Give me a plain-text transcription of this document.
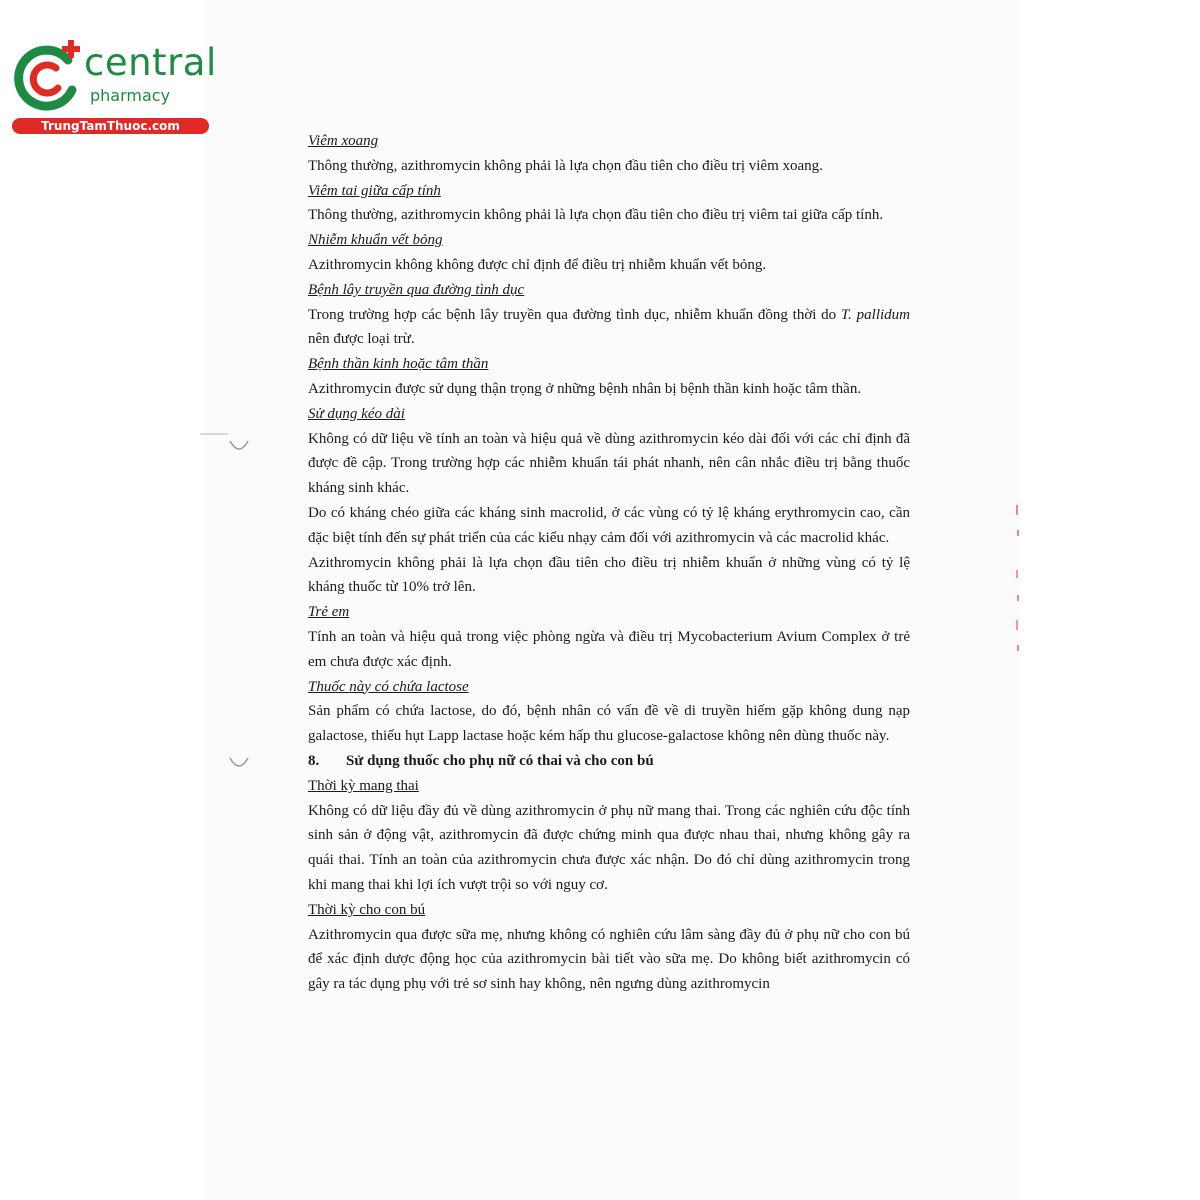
central
pharmacy
TrungTamThuoc.com

Viêm xoang

Thông thường, azithromycin không phải là lựa chọn đầu tiên cho điều trị viêm xoang.

Viêm tai giữa cấp tính

Thông thường, azithromycin không phải là lựa chọn đầu tiên cho điều trị viêm tai giữa cấp tính.

Nhiễm khuẩn vết bỏng

Azithromycin không không được chỉ định để điều trị nhiễm khuẩn vết bỏng.

Bệnh lây truyền qua đường tình dục

Trong trường hợp các bệnh lây truyền qua đường tình dục, nhiễm khuẩn đồng thời do T. pallidum nên được loại trừ.

Bệnh thần kinh hoặc tâm thần

Azithromycin được sử dụng thận trọng ở những bệnh nhân bị bệnh thần kinh hoặc tâm thần.

Sử dụng kéo dài

Không có dữ liệu về tính an toàn và hiệu quả về dùng azithromycin kéo dài đối với các chỉ định đã được đề cập. Trong trường hợp các nhiễm khuẩn tái phát nhanh, nên cân nhắc điều trị bằng thuốc kháng sinh khác.

Do có kháng chéo giữa các kháng sinh macrolid, ở các vùng có tỷ lệ kháng erythromycin cao, cần đặc biệt tính đến sự phát triển của các kiểu nhạy cảm đối với azithromycin và các macrolid khác.

Azithromycin không phải là lựa chọn đầu tiên cho điều trị nhiễm khuẩn ở những vùng có tỷ lệ kháng thuốc từ 10% trở lên.

Trẻ em

Tính an toàn và hiệu quả trong việc phòng ngừa và điều trị Mycobacterium Avium Complex ở trẻ em chưa được xác định.

Thuốc này có chứa lactose

Sản phẩm có chứa lactose, do đó, bệnh nhân có vấn đề về di truyền hiếm gặp không dung nạp galactose, thiếu hụt Lapp lactase hoặc kém hấp thu glucose-galactose không nên dùng thuốc này.

8. Sử dụng thuốc cho phụ nữ có thai và cho con bú

Thời kỳ mang thai

Không có dữ liệu đầy đủ về dùng azithromycin ở phụ nữ mang thai. Trong các nghiên cứu độc tính sinh sản ở động vật, azithromycin đã được chứng minh qua được nhau thai, nhưng không gây ra quái thai. Tính an toàn của azithromycin chưa được xác nhận. Do đó chỉ dùng azithromycin trong khi mang thai khi lợi ích vượt trội so với nguy cơ.

Thời kỳ cho con bú

Azithromycin qua được sữa mẹ, nhưng không có nghiên cứu lâm sàng đầy đủ ở phụ nữ cho con bú để xác định dược động học của azithromycin bài tiết vào sữa mẹ. Do không biết azithromycin có gây ra tác dụng phụ với trẻ sơ sinh hay không, nên ngưng dùng azithromycin
